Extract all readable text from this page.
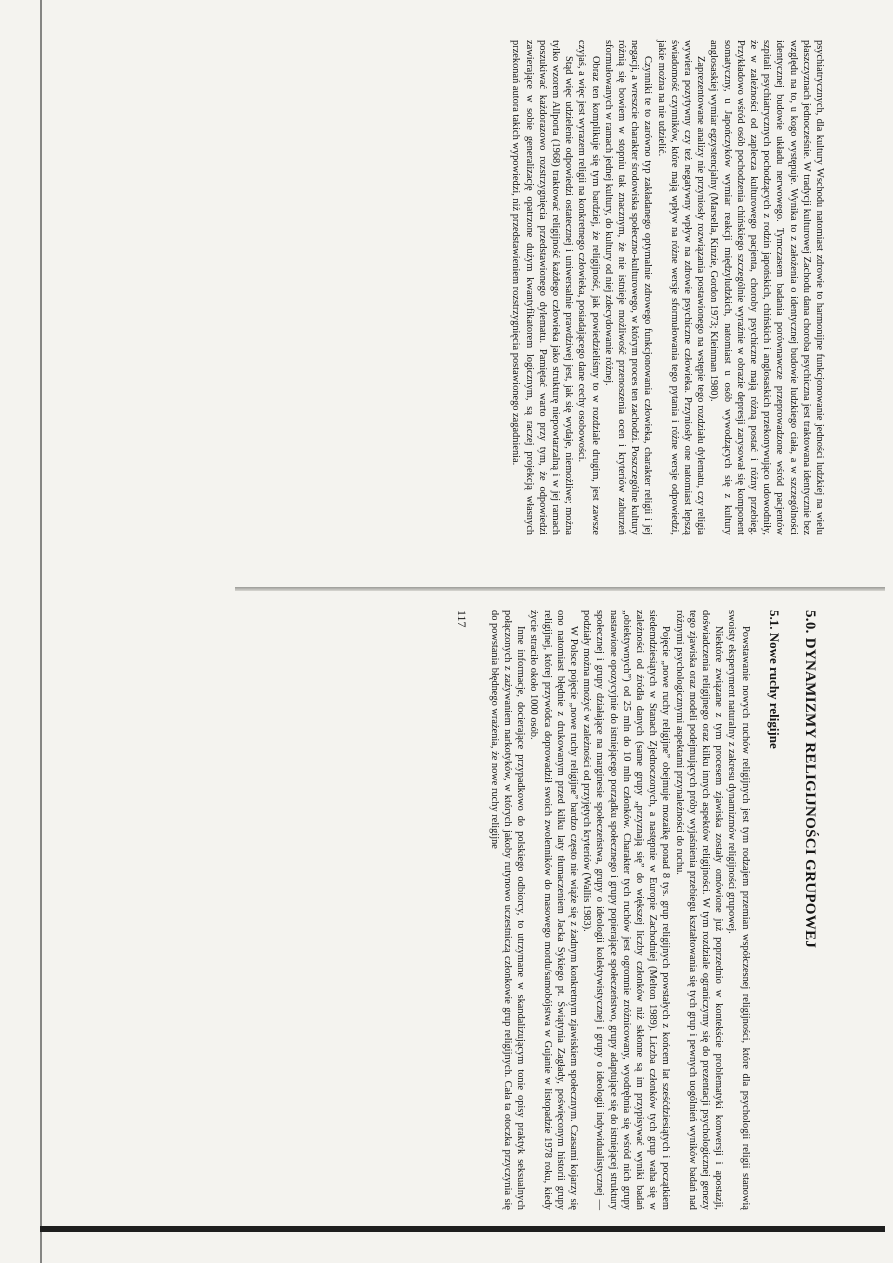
psychiatrycznych, dla kultury Wschodu natomiast zdrowie to harmonijne funkcjonowanie jedności ludzkiej na wielu płaszczyznach jednocześnie. W tradycji kulturowej Zachodu dana choroba psychiczna jest traktowana identycznie bez względu na to, u kogo występuje. Wynika to z założenia o identycznej budowie ludzkiego ciała, a w szczególności identycznej budowie układu nerwowego. Tymczasem badania porównawcze przeprowadzone wśród pacjentów szpitali psychiatrycznych pochodzących z rodzin japońskich, chińskich i anglosaskich przekonywująco udowodniły, że w zależności od zaplecza kulturowego pacjenta, choroby psychiczne mają różną postać i różny przebieg. Przykładowo wśród osób pochodzenia chińskiego szczególnie wyraźnie w obrazie depresji zarysował się komponent somatyczny, u Japończyków wymiar reakcji międzyludzkich, natomiast u osób wywodzących się z kultury anglosaskiej wymiar egzystencjalny (Marsella, Kinzie, Gordon 1973; Kleinman 1980).

Zaprezentowane analizy nie przyniosły rozwiązania postawionego na wstępie tego rozdziału dylematu, czy religia wywiera pozytywny czy też negatywny wpływ na zdrowie psychiczne człowieka. Przyniosły one natomiast lepszą świadomość czynników, które mają wpływ na różne wersje sformułowania tego pytania i różne wersje odpowiedzi, jakie można na nie udzielić.

Czynniki te to zarówno typ zakładanego optymalnie zdrowego funkcjonowania człowieka, charakter religii i jej negacji, a wreszcie charakter środowiska społeczno-kulturowego, w którym proces ten zachodzi. Poszczególne kultury różnią się bowiem w stopniu tak znacznym, że nie istnieje możliwość przenoszenia ocen i kryteriów zaburzeń sformułowanych w ramach jednej kultury, do kultury od niej zdecydowanie różnej.

Obraz ten komplikuje się tym bardziej, że religijność, jak powiedzieliśmy to w rozdziale drugim, jest zawsze czyjaś, a więc jest wyrazem religii na konkretnego człowieka, posiadającego dane cechy osobowości.

Stąd więc udzielenie odpowiedzi ostatecznej i uniwersalnie prawdziwej jest, jak się wydaje, niemożliwe; można tylko wzorem Allporta (1968) traktować religijność każdego człowieka jako strukturę niepowtarzalną i w jej ramach poszukiwać każdorazowo rozstrzygnięcia przedstawionego dylematu. Pamiętać warto przy tym, że odpowiedzi zawierające w sobie generalizację opatrzone dużym kwantyfikatorem logicznym, są raczej projekcją własnych przekonań autora takich wypowiedzi, niż przedstawieniem rozstrzygnięcia postawionego zagadnienia.

5.0. DYNAMIZMY RELIGIJNOŚCI GRUPOWEJ

5.1. Nowe ruchy religijne

Powstawanie nowych ruchów religijnych jest tym rodzajem przemian współczesnej religijności, które dla psychologii religii stanowią swoisty eksperyment naturalny z zakresu dynamizmów religijności grupowej.

Niektóre związane z tym procesem zjawiska zostały omówione już poprzednio w kontekście problematyki konwersji i apostazji, doświadczenia religijnego oraz kilku innych aspektów religijności. W tym rozdziale ograniczymy się do prezentacji psychologicznej genezy tego zjawiska oraz modeli podejmujących próby wyjaśnienia przebiegu kształtowania się tych grup i pewnych uogólnień wyników badań nad różnymi psychologicznymi aspektami przynależności do ruchu.

Pojęcie „nowe ruchy religijne” obejmuje mozaikę ponad 8 tys. grup religijnych powstałych z końcem lat sześćdziesiątych i początkiem siedemdziesiątych w Stanach Zjednoczonych, a następnie w Europie Zachodniej (Melton 1989). Liczba członków tych grup waha się w zależności od źródła danych (same grupy „przyznają się” do większej liczby członków niż skłonne są im przypisywać wyniki badań „obiektywnych”) od 25 mln do 10 mln członków. Charakter tych ruchów jest ogromnie zróżnicowany, wyodrębnia się wśród nich grupy nastawione opozycyjnie do istniejącego porządku społecznego i grupy popierające społeczeństwo, grupy adaptujące się do istniejącej struktury społecznej i grupy działające na marginesie społeczeństwa, grupy o ideologii kolektywistycznej i grupy o ideologii indywidualistycznej — podziały można mnożyć w zależności od przyjętych kryteriów (Wallis 1983).

W Polsce pojęcie „nowe ruchy religijne” bardzo często nie wiąże się z żadnym konkretnym zjawiskiem społecznym. Czasami kojarzy się ono natomiast błędnie z drukowanym przed kilku laty tłumaczeniem Jacka Sykiego pt. Świątynia Zagłady, poświęconym historii grupy religijnej, której przywódca doprowadził swoich zwolenników do masowego mordu/samobójstwa w Gujanie w listopadzie 1978 roku, kiedy życie straciło około 1000 osób.

Inne informacje, docierające przypadkowo do polskiego odbiorcy, to utrzymane w skandalizującym tonie opisy praktyk seksualnych połączonych z zażywaniem narkotyków, w których jakoby rutynowo uczestniczą członkowie grup religijnych. Cała ta otoczka przyczynia się do powstania błędnego wrażenia, że nowe ruchy religijne

117
